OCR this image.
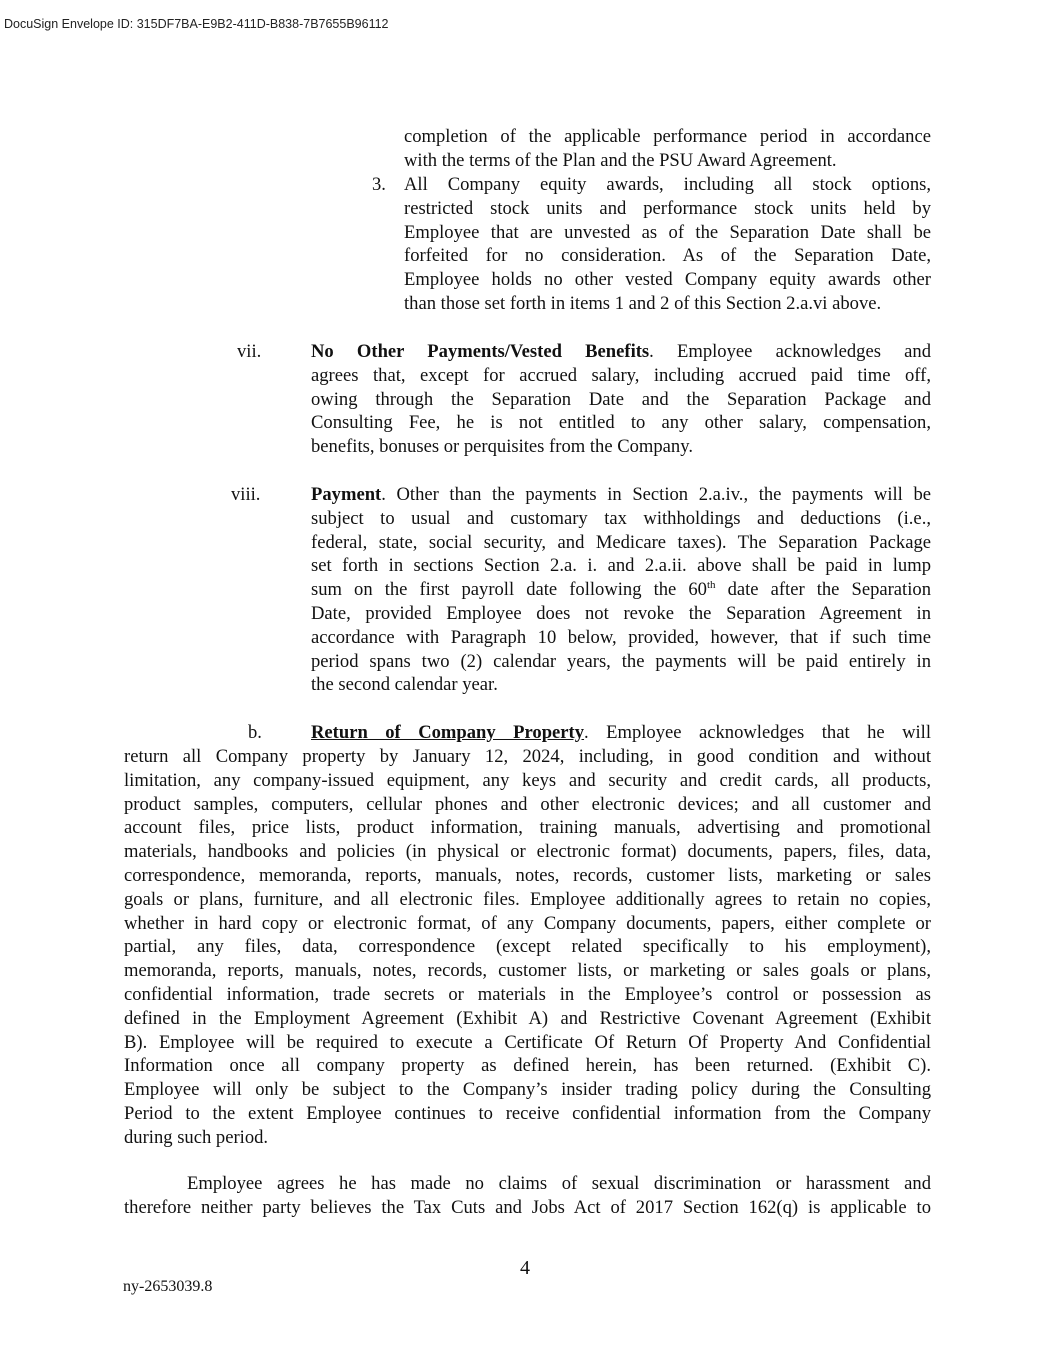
DocuSign Envelope ID: 315DF7BA-E9B2-411D-B838-7B7655B96112
completion of the applicable performance period in accordance
with the terms of the Plan and the PSU Award Agreement.
3. All Company equity awards, including all stock options,
restricted stock units and performance stock units held by
Employee that are unvested as of the Separation Date shall be
forfeited for no consideration. As of the Separation Date,
Employee holds no other vested Company equity awards other
than those set forth in items 1 and 2 of this Section 2.a.vi above.
vii.	No Other Payments/Vested Benefits. Employee acknowledges and
agrees that, except for accrued salary, including accrued paid time off,
owing through the Separation Date and the Separation Package and
Consulting Fee, he is not entitled to any other salary, compensation,
benefits, bonuses or perquisites from the Company.
viii.	Payment. Other than the payments in Section 2.a.iv., the payments will be
subject to usual and customary tax withholdings and deductions (i.e.,
federal, state, social security, and Medicare taxes). The Separation Package
set forth in sections Section 2.a. i. and 2.a.ii. above shall be paid in lump
sum on the first payroll date following the 60th date after the Separation
Date, provided Employee does not revoke the Separation Agreement in
accordance with Paragraph 10 below, provided, however, that if such time
period spans two (2) calendar years, the payments will be paid entirely in
the second calendar year.
b.	Return of Company Property. Employee acknowledges that he will
return all Company property by January 12, 2024, including, in good condition and without
limitation, any company-issued equipment, any keys and security and credit cards, all products,
product samples, computers, cellular phones and other electronic devices; and all customer and
account files, price lists, product information, training manuals, advertising and promotional
materials, handbooks and policies (in physical or electronic format) documents, papers, files, data,
correspondence, memoranda, reports, manuals, notes, records, customer lists, marketing or sales
goals or plans, furniture, and all electronic files. Employee additionally agrees to retain no copies,
whether in hard copy or electronic format, of any Company documents, papers, either complete or
partial, any files, data, correspondence (except related specifically to his employment),
memoranda, reports, manuals, notes, records, customer lists, or marketing or sales goals or plans,
confidential information, trade secrets or materials in the Employee’s control or possession as
defined in the Employment Agreement (Exhibit A) and Restrictive Covenant Agreement (Exhibit
B). Employee will be required to execute a Certificate Of Return Of Property And Confidential
Information once all company property as defined herein, has been returned. (Exhibit C).
Employee will only be subject to the Company’s insider trading policy during the Consulting
Period to the extent Employee continues to receive confidential information from the Company
during such period.
Employee agrees he has made no claims of sexual discrimination or harassment and
therefore neither party believes the Tax Cuts and Jobs Act of 2017 Section 162(q) is applicable to
4
ny-2653039.8
